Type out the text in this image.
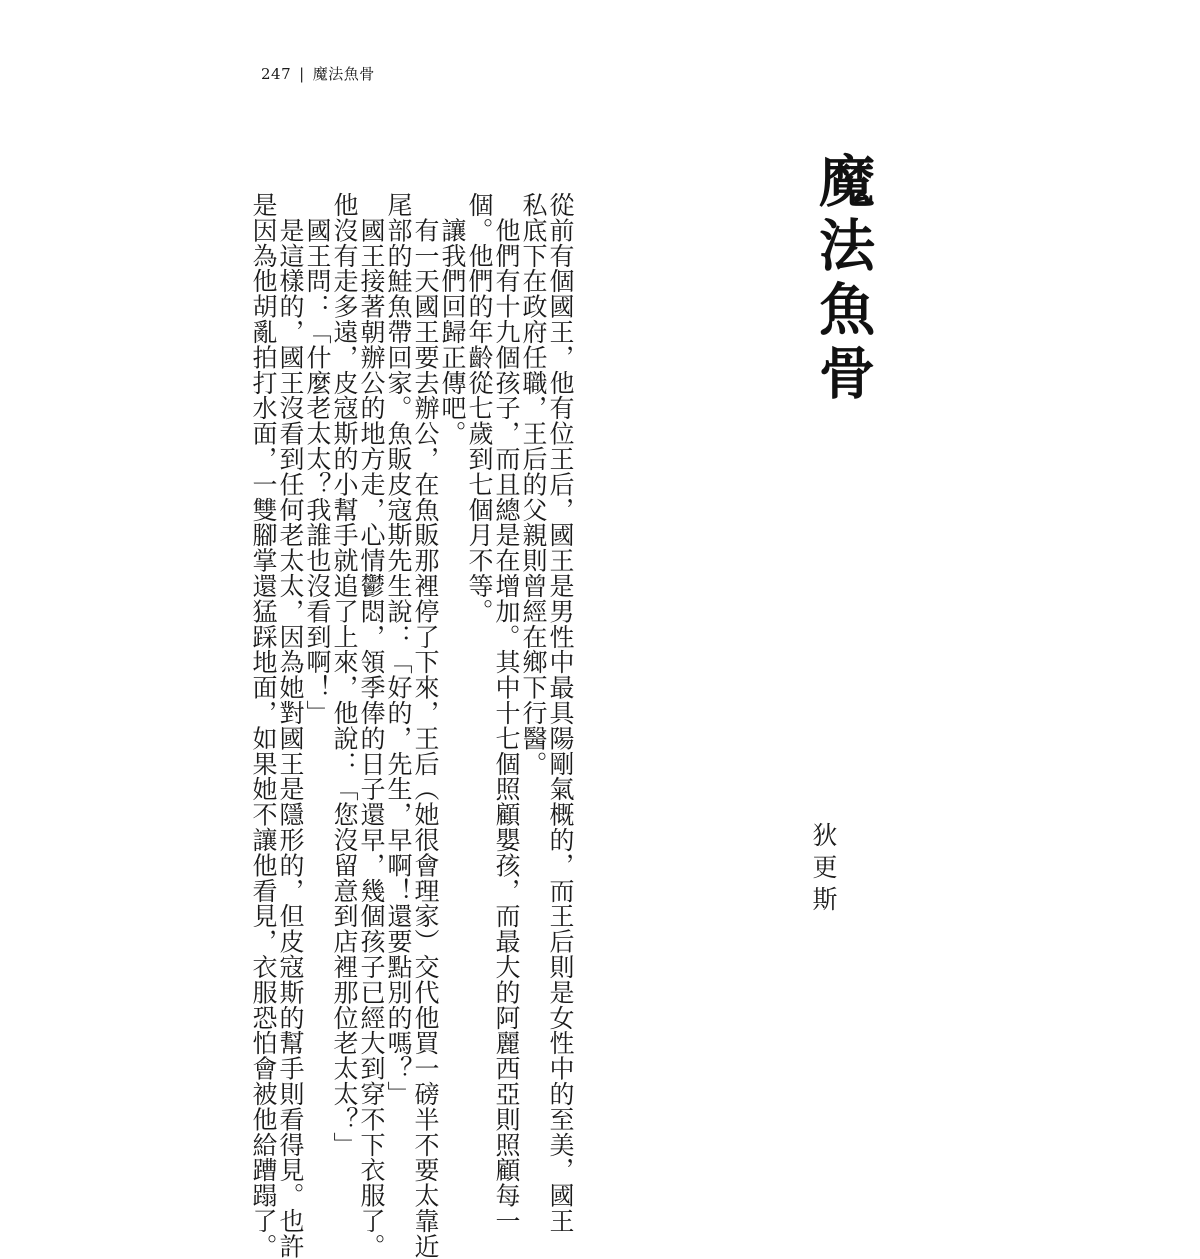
247 | 魔法魚骨
魔法魚骨
狄更斯
從前有個國王，他有位王后，國王是男性中最具陽剛氣概的，而王后則是女性中的至美，國王
私底下在政府任職，王后的父親則曾經在鄉下行醫。
　他們有十九個孩子，而且總是在增加。其中十七個照顧嬰孩，而最大的阿麗西亞則照顧每一
個。他們的年齡從七歲到七個月不等。
　讓我們回歸正傳吧。
　有一天國王要去辦公，在魚販那裡停了下來，王后（她很會理家）交代他買一磅半不要太靠近
尾部的鮭魚帶回家。魚販皮寇斯先生說：「好的，先生，早啊！還要點別的嗎？」
　國王接著朝辦公的地方走，心情鬱悶，領季俸的日子還早，幾個孩子已經大到穿不下衣服了。
他沒有走多遠，皮寇斯的小幫手就追了上來，他說：「您沒留意到店裡那位老太太？」
　國王問：「什麼老太太？我誰也沒看到啊！」
　是這樣的，國王沒看到任何老太太，因為她對國王是隱形的，但皮寇斯的幫手則看得見。也許
是因為他胡亂拍打水面，一雙腳掌還猛踩地面，如果她不讓他看見，衣服恐怕會被他給蹧蹋了。
